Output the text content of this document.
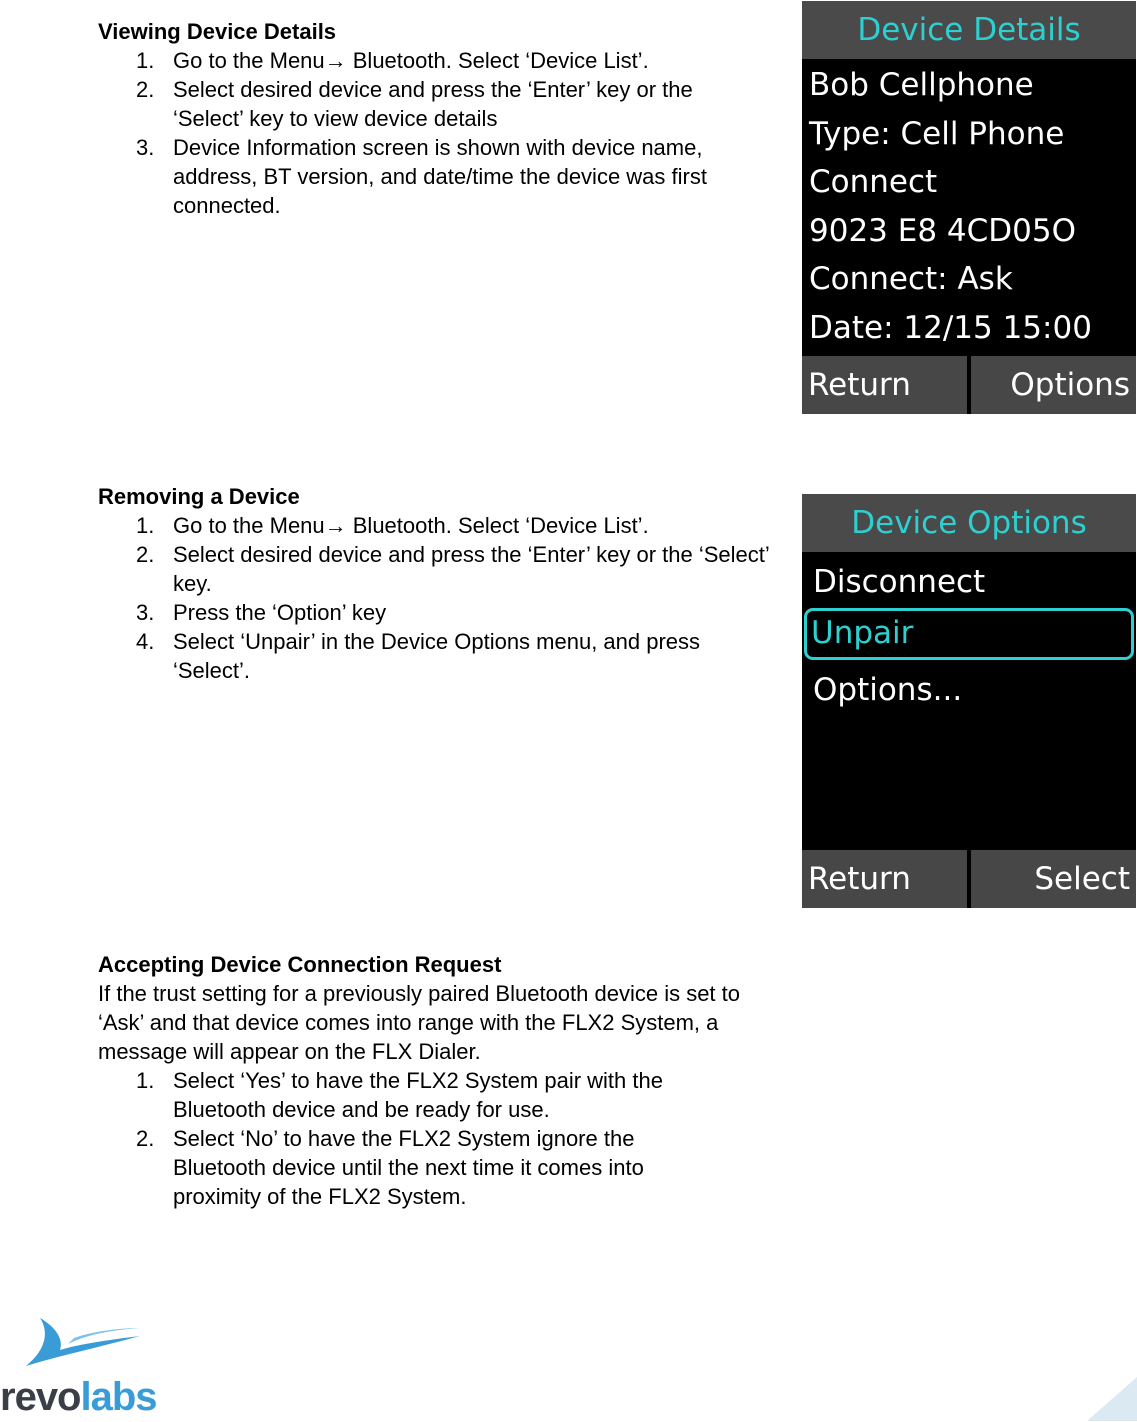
Viewing Device Details
1. Go to the Menu→ Bluetooth. Select ‘Device List’.
2. Select desired device and press the ‘Enter’ key or the ‘Select’ key to view device details
3. Device Information screen is shown with device name, address, BT version, and date/time the device was first connected.
Removing a Device
1. Go to the Menu→ Bluetooth. Select ‘Device List’.
2. Select desired device and press the ‘Enter’ key or the ‘Select’ key.
3. Press the ‘Option’ key
4. Select ‘Unpair’ in the Device Options menu, and press ‘Select’.
Accepting Device Connection Request

If the trust setting for a previously paired Bluetooth device is set to ‘Ask’ and that device comes into range with the FLX2 System, a message will appear on the FLX Dialer.

1. Select ‘Yes’ to have the FLX2 System pair with the Bluetooth device and be ready for use.
2. Select ‘No’ to have the FLX2 System ignore the Bluetooth device until the next time it comes into proximity of the FLX2 System.
Device Details
Bob Cellphone
Type: Cell Phone
Connect
9023 E8 4CD05O
Connect: Ask
Date: 12/15 15:00
Return	Options
Device Options
Disconnect
Unpair
Options...
Return	Select
revolabs
